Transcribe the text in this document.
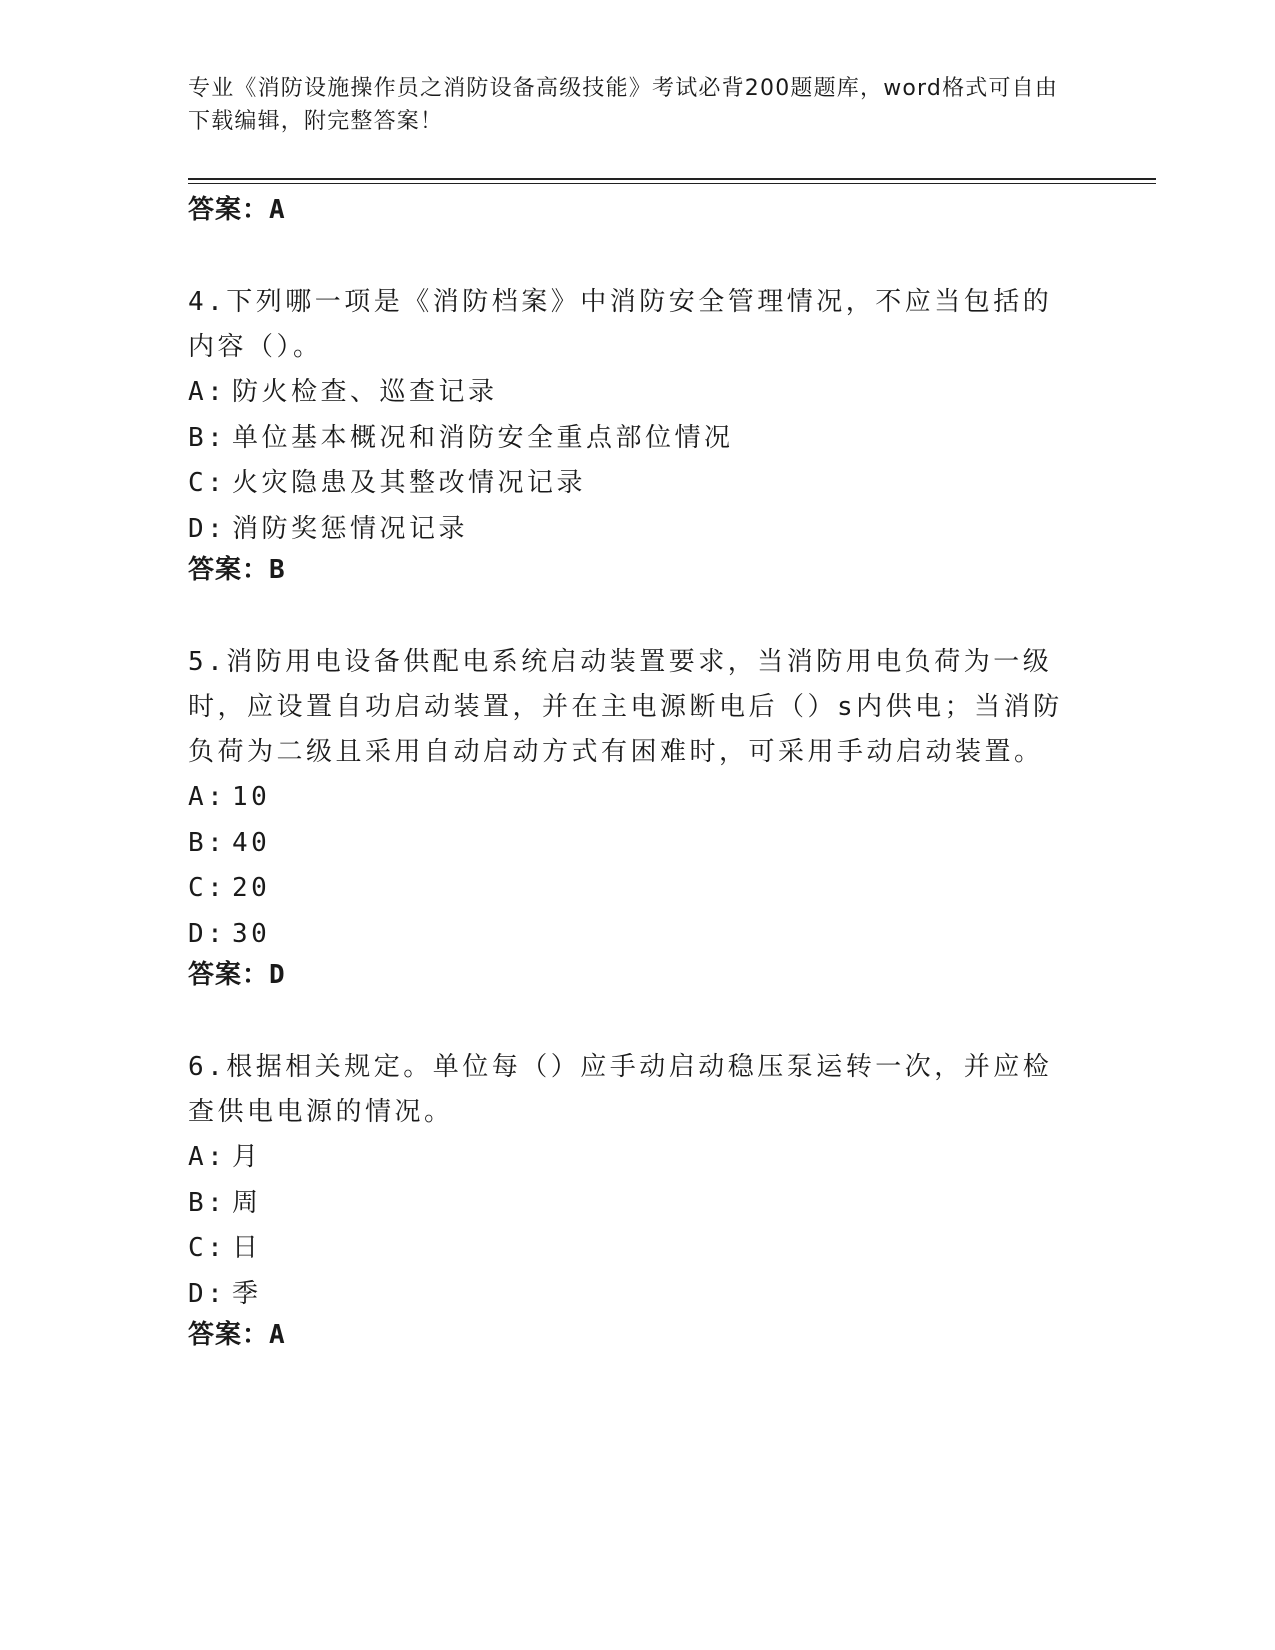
专业《消防设施操作员之消防设备高级技能》考试必背200题题库，word格式可自由下载编辑，附完整答案！
答案：A
4.下列哪一项是《消防档案》中消防安全管理情况，不应当包括的内容（）。
A: 防火检查、巡查记录
B: 单位基本概况和消防安全重点部位情况
C: 火灾隐患及其整改情况记录
D: 消防奖惩情况记录
答案：B
5.消防用电设备供配电系统启动装置要求，当消防用电负荷为一级时，应设置自功启动装置，并在主电源断电后（）s内供电；当消防负荷为二级且采用自动启动方式有困难时，可采用手动启动装置。
A: 10
B: 40
C: 20
D: 30
答案：D
6.根据相关规定。单位每（）应手动启动稳压泵运转一次，并应检查供电电源的情况。
A: 月
B: 周
C: 日
D: 季
答案：A
